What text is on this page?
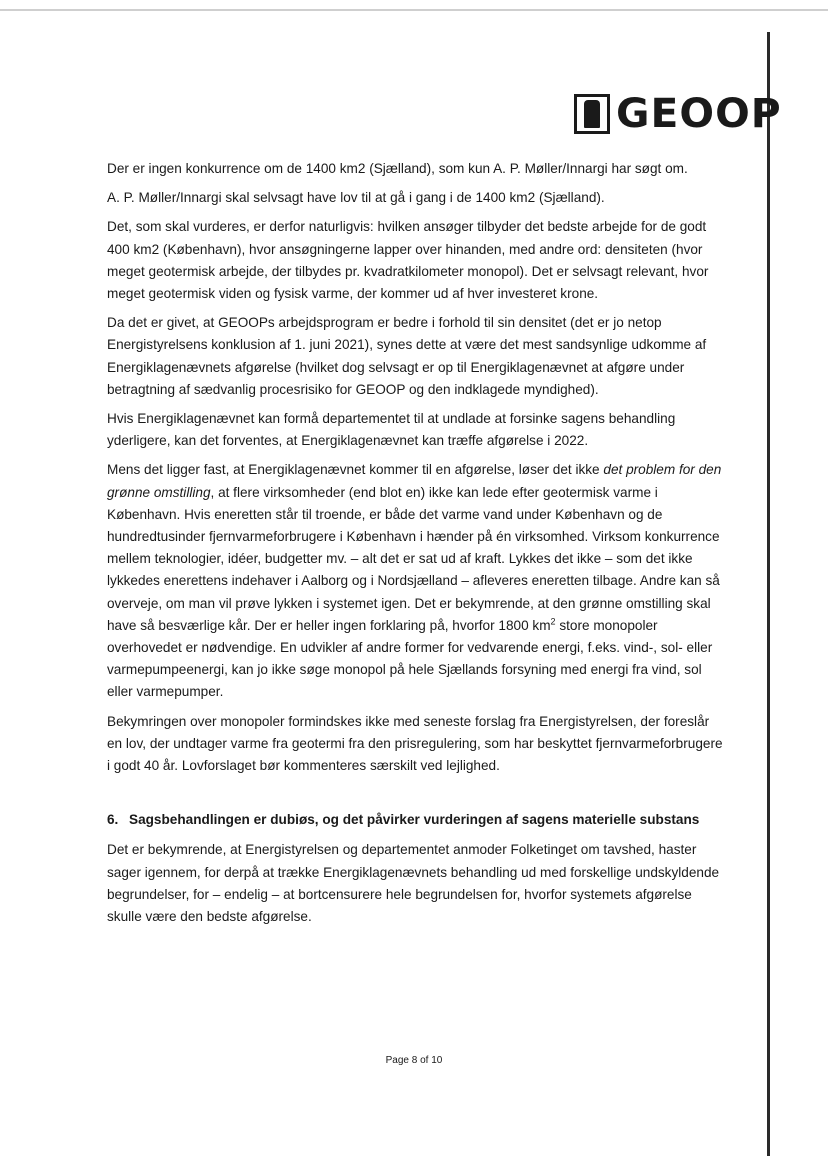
GEOOP

Der er ingen konkurrence om de 1400 km2 (Sjælland), som kun A. P. Møller/Innargi har søgt om.

A. P. Møller/Innargi skal selvsagt have lov til at gå i gang i de 1400 km2 (Sjælland).

Det, som skal vurderes, er derfor naturligvis: hvilken ansøger tilbyder det bedste arbejde for de godt 400 km2 (København), hvor ansøgningerne lapper over hinanden, med andre ord: densiteten (hvor meget geotermisk arbejde, der tilbydes pr. kvadratkilometer monopol). Det er selvsagt relevant, hvor meget geotermisk viden og fysisk varme, der kommer ud af hver investeret krone.

Da det er givet, at GEOOPs arbejdsprogram er bedre i forhold til sin densitet (det er jo netop Energistyrelsens konklusion af 1. juni 2021), synes dette at være det mest sandsynlige udkomme af Energiklagenævnets afgørelse (hvilket dog selvsagt er op til Energiklagenævnet at afgøre under betragtning af sædvanlig procesrisiko for GEOOP og den indklagede myndighed).

Hvis Energiklagenævnet kan formå departementet til at undlade at forsinke sagens behandling yderligere, kan det forventes, at Energiklagenævnet kan træffe afgørelse i 2022.

Mens det ligger fast, at Energiklagenævnet kommer til en afgørelse, løser det ikke det problem for den grønne omstilling, at flere virksomheder (end blot en) ikke kan lede efter geotermisk varme i København. Hvis eneretten står til troende, er både det varme vand under København og de hundredtusinder fjernvarmeforbrugere i København i hænder på én virksomhed. Virksom konkurrence mellem teknologier, idéer, budgetter mv. – alt det er sat ud af kraft. Lykkes det ikke – som det ikke lykkedes enerettens indehaver i Aalborg og i Nordsjælland – afleveres eneretten tilbage. Andre kan så overveje, om man vil prøve lykken i systemet igen. Det er bekymrende, at den grønne omstilling skal have så besværlige kår. Der er heller ingen forklaring på, hvorfor 1800 $km^2$ store monopoler overhovedet er nødvendige. En udvikler af andre former for vedvarende energi, f.eks. vind-, sol- eller varmepumpeenergi, kan jo ikke søge monopol på hele Sjællands forsyning med energi fra vind, sol eller varmepumper.

Bekymringen over monopoler formindskes ikke med seneste forslag fra Energistyrelsen, der foreslår en lov, der undtager varme fra geotermi fra den prisregulering, som har beskyttet fjernvarmeforbrugere i godt 40 år. Lovforslaget bør kommenteres særskilt ved lejlighed.

6. Sagsbehandlingen er dubiøs, og det påvirker vurderingen af sagens materielle substans

Det er bekymrende, at Energistyrelsen og departementet anmoder Folketinget om tavshed, haster sager igennem, for derpå at trække Energiklagenævnets behandling ud med forskellige undskyldende begrundelser, for – endelig – at bortcensurere hele begrundelsen for, hvorfor systemets afgørelse skulle være den bedste afgørelse.

Page 8 of 10
